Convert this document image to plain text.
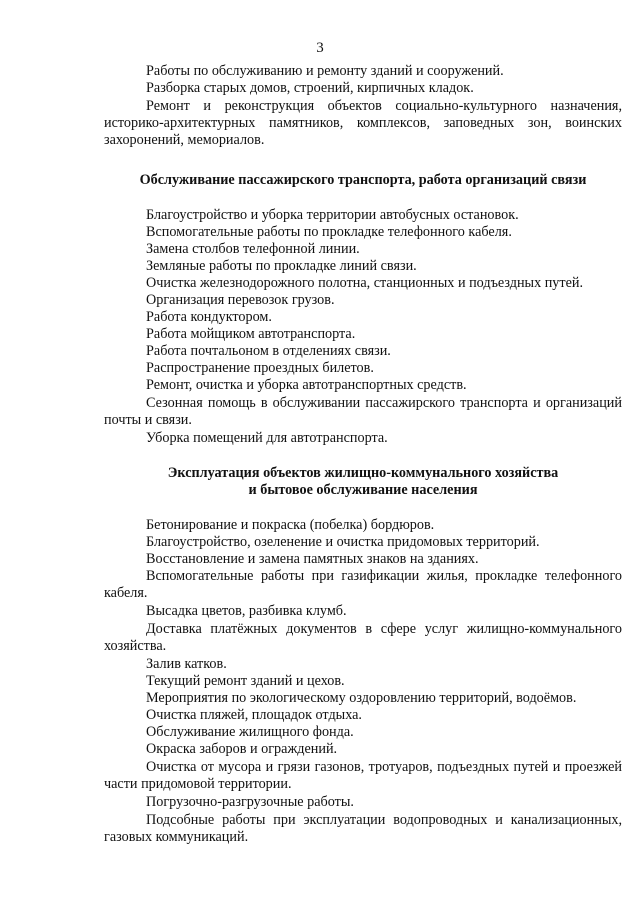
3

Работы по обслуживанию и ремонту зданий и сооружений.

Разборка старых домов, строений, кирпичных кладок.

Ремонт и реконструкция объектов социально-культурного назначения, историко-архитектурных памятников, комплексов, заповедных зон, воинских захоронений, мемориалов.

Обслуживание пассажирского транспорта, работа организаций связи

Благоустройство и уборка территории автобусных остановок.

Вспомогательные работы по прокладке телефонного кабеля.

Замена столбов телефонной линии.

Земляные работы по прокладке линий связи.

Очистка железнодорожного полотна, станционных и подъездных путей.

Организация перевозок грузов.

Работа кондуктором.

Работа мойщиком автотранспорта.

Работа почтальоном в отделениях связи.

Распространение проездных билетов.

Ремонт, очистка и уборка автотранспортных средств.

Сезонная помощь в обслуживании пассажирского транспорта и организаций почты и связи.

Уборка помещений для автотранспорта.

Эксплуатация объектов жилищно-коммунального хозяйства

и бытовое обслуживание населения

Бетонирование и покраска (побелка) бордюров.

Благоустройство, озеленение и очистка придомовых территорий.

Восстановление и замена памятных знаков на зданиях.

Вспомогательные работы при газификации жилья, прокладке телефонного кабеля.

Высадка цветов, разбивка клумб.

Доставка платёжных документов в сфере услуг жилищно-коммунального хозяйства.

Залив катков.

Текущий ремонт зданий и цехов.

Мероприятия по экологическому оздоровлению территорий, водоёмов.

Очистка пляжей, площадок отдыха.

Обслуживание жилищного фонда.

Окраска заборов и ограждений.

Очистка от мусора и грязи газонов, тротуаров, подъездных путей и проезжей части придомовой территории.

Погрузочно-разгрузочные работы.

Подсобные работы при эксплуатации водопроводных и канализационных, газовых коммуникаций.
